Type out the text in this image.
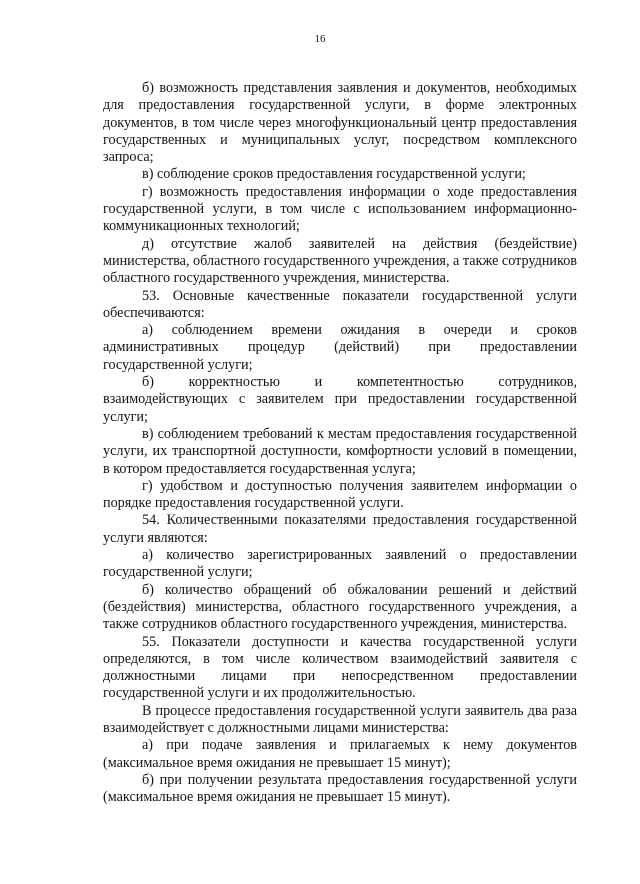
16

б) возможность представления заявления и документов, необходимых для предоставления государственной услуги, в форме электронных документов, в том числе через многофункциональный центр предоставления государственных и муниципальных услуг, посредством комплексного запроса;

в) соблюдение сроков предоставления государственной услуги;

г) возможность предоставления информации о ходе предоставления государственной услуги, в том числе с использованием информационно-коммуникационных технологий;

д) отсутствие жалоб заявителей на действия (бездействие) министерства, областного государственного учреждения, а также сотрудников областного государственного учреждения, министерства.

53. Основные качественные показатели государственной услуги обеспечиваются:

а) соблюдением времени ожидания в очереди и сроков административных процедур (действий) при предоставлении государственной услуги;

б) корректностью и компетентностью сотрудников, взаимодействующих с заявителем при предоставлении государственной услуги;

в) соблюдением требований к местам предоставления государственной услуги, их транспортной доступности, комфортности условий в помещении, в котором предоставляется государственная услуга;

г) удобством и доступностью получения заявителем информации о порядке предоставления государственной услуги.

54. Количественными показателями предоставления государственной услуги являются:

а) количество зарегистрированных заявлений о предоставлении государственной услуги;

б) количество обращений об обжаловании решений и действий (бездействия) министерства, областного государственного учреждения, а также сотрудников областного государственного учреждения, министерства.

55. Показатели доступности и качества государственной услуги определяются, в том числе количеством взаимодействий заявителя с должностными лицами при непосредственном предоставлении государственной услуги и их продолжительностью.

В процессе предоставления государственной услуги заявитель два раза взаимодействует с должностными лицами министерства:

а) при подаче заявления и прилагаемых к нему документов (максимальное время ожидания не превышает 15 минут);

б) при получении результата предоставления государственной услуги (максимальное время ожидания не превышает 15 минут).
